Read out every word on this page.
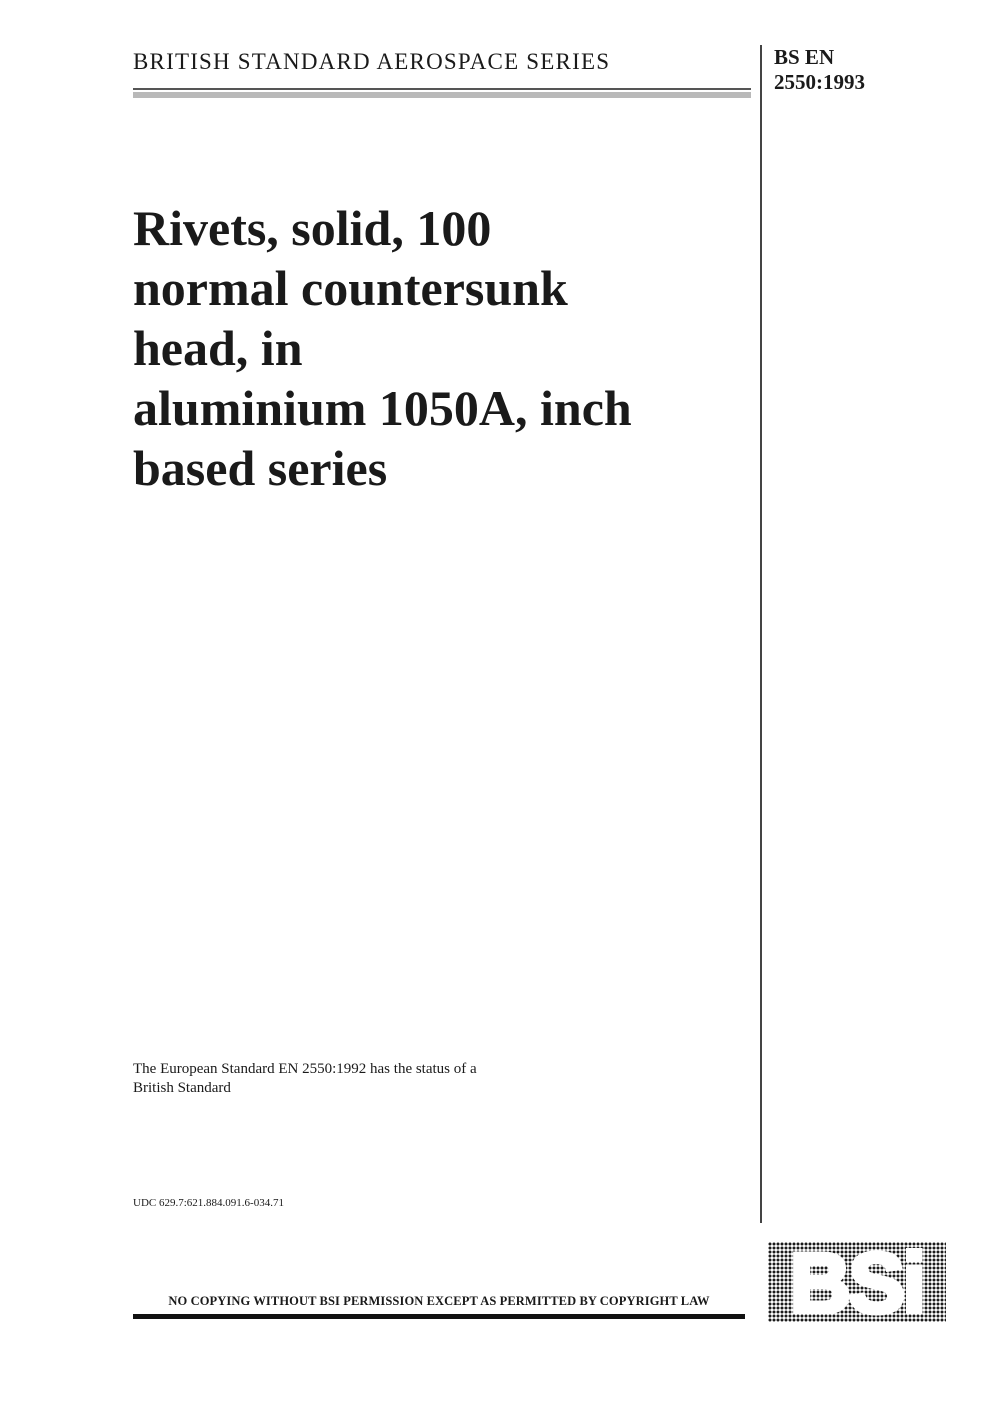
BRITISH STANDARD AEROSPACE SERIES	BS EN
2550:1993
Rivets, solid, 100
normal countersunk
head, in
aluminium 1050A, inch
based series
The European Standard EN 2550:1992 has the status of a
British Standard
UDC 629.7:621.884.091.6-034.71
NO COPYING WITHOUT BSI PERMISSION EXCEPT AS PERMITTED BY COPYRIGHT LAW BSi
